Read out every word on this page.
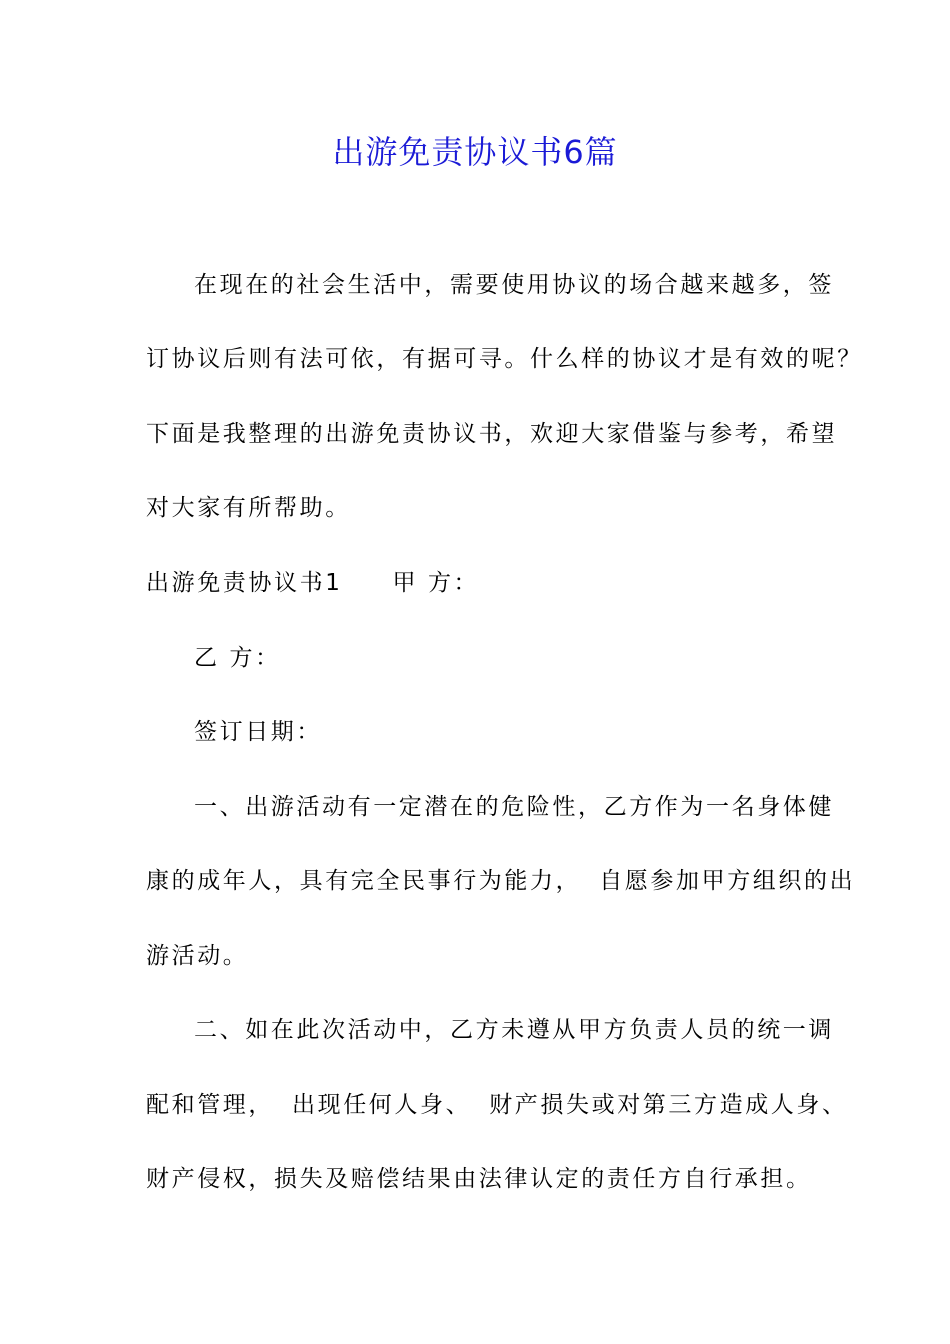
出游免责协议书6篇
在现在的社会生活中，需要使用协议的场合越来越多，签
订协议后则有法可依，有据可寻。什么样的协议才是有效的呢？
下面是我整理的出游免责协议书，欢迎大家借鉴与参考，希望
对大家有所帮助。
出游免责协议书1 甲 方：
乙 方：
签订日期：
一、出游活动有一定潜在的危险性，乙方作为一名身体健
康的成年人，具有完全民事行为能力， 自愿参加甲方组织的出
游活动。
二、如在此次活动中，乙方未遵从甲方负责人员的统一调
配和管理， 出现任何人身、 财产损失或对第三方造成人身、
财产侵权，损失及赔偿结果由法律认定的责任方自行承担。
